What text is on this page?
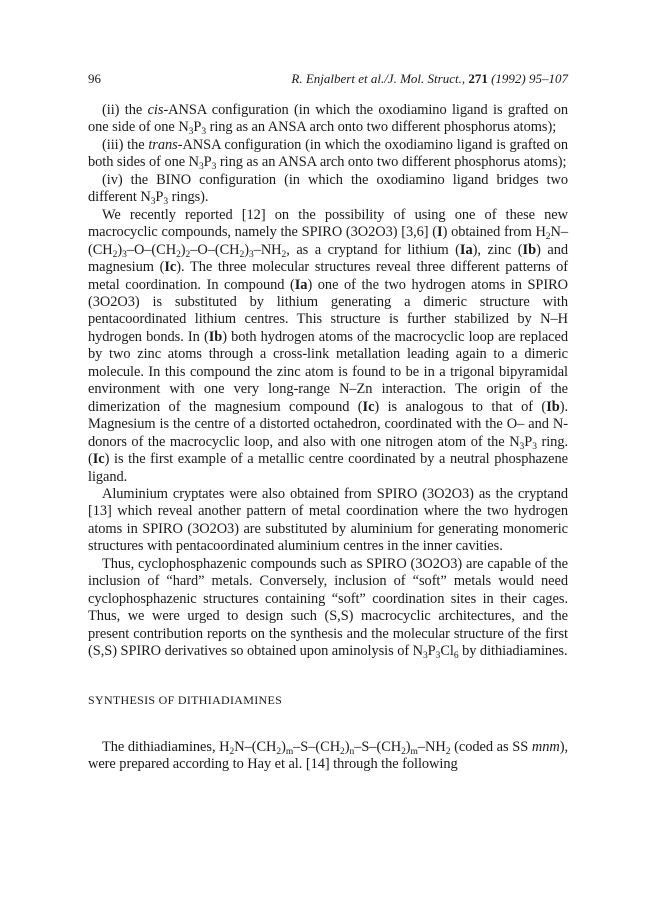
96	R. Enjalbert et al./J. Mol. Struct., 271 (1992) 95–107

(ii) the cis-ANSA configuration (in which the oxodiamino ligand is grafted on one side of one $N_3P_3$ ring as an ANSA arch onto two different phosphorus atoms);

(iii) the trans-ANSA configuration (in which the oxodiamino ligand is grafted on both sides of one $N_3P_3$ ring as an ANSA arch onto two different phosphorus atoms);

(iv) the BINO configuration (in which the oxodiamino ligand bridges two different $N_3P_3$ rings).

We recently reported [12] on the possibility of using one of these new macrocyclic compounds, namely the SPIRO (3O2O3) [3,6] (I) obtained from $H_2N-(CH_2)_3-O-(CH_2)_2-O-(CH_2)_3-NH_2$, as a cryptand for lithium (Ia), zinc (Ib) and magnesium (Ic). The three molecular structures reveal three different patterns of metal coordination. In compound (Ia) one of the two hydrogen atoms in SPIRO (3O2O3) is substituted by lithium generating a dimeric structure with pentacoordinated lithium centres. This structure is further stabilized by N–H hydrogen bonds. In (Ib) both hydrogen atoms of the macrocyclic loop are replaced by two zinc atoms through a cross-link metallation leading again to a dimeric molecule. In this compound the zinc atom is found to be in a trigonal bipyramidal environment with one very long-range N–Zn interaction. The origin of the dimerization of the magnesium compound (Ic) is analogous to that of (Ib). Magnesium is the centre of a distorted octahedron, coordinated with the O– and N-donors of the macrocyclic loop, and also with one nitrogen atom of the $N_3P_3$ ring. (Ic) is the first example of a metallic centre coordinated by a neutral phosphazene ligand.

Aluminium cryptates were also obtained from SPIRO (3O2O3) as the cryptand [13] which reveal another pattern of metal coordination where the two hydrogen atoms in SPIRO (3O2O3) are substituted by aluminium for generating monomeric structures with pentacoordinated aluminium centres in the inner cavities.

Thus, cyclophosphazenic compounds such as SPIRO (3O2O3) are capable of the inclusion of “hard” metals. Conversely, inclusion of “soft” metals would need cyclophosphazenic structures containing “soft” coordination sites in their cages. Thus, we were urged to design such (S,S) macrocyclic architectures, and the present contribution reports on the synthesis and the molecular structure of the first (S,S) SPIRO derivatives so obtained upon aminolysis of $N_3P_3Cl_6$ by dithiadiamines.

SYNTHESIS OF DITHIADIAMINES

The dithiadiamines, $H_2N-(CH_2)_m-S-(CH_2)_n-S-(CH_2)_m-NH_2$ (coded as SS mnm), were prepared according to Hay et al. [14] through the following
